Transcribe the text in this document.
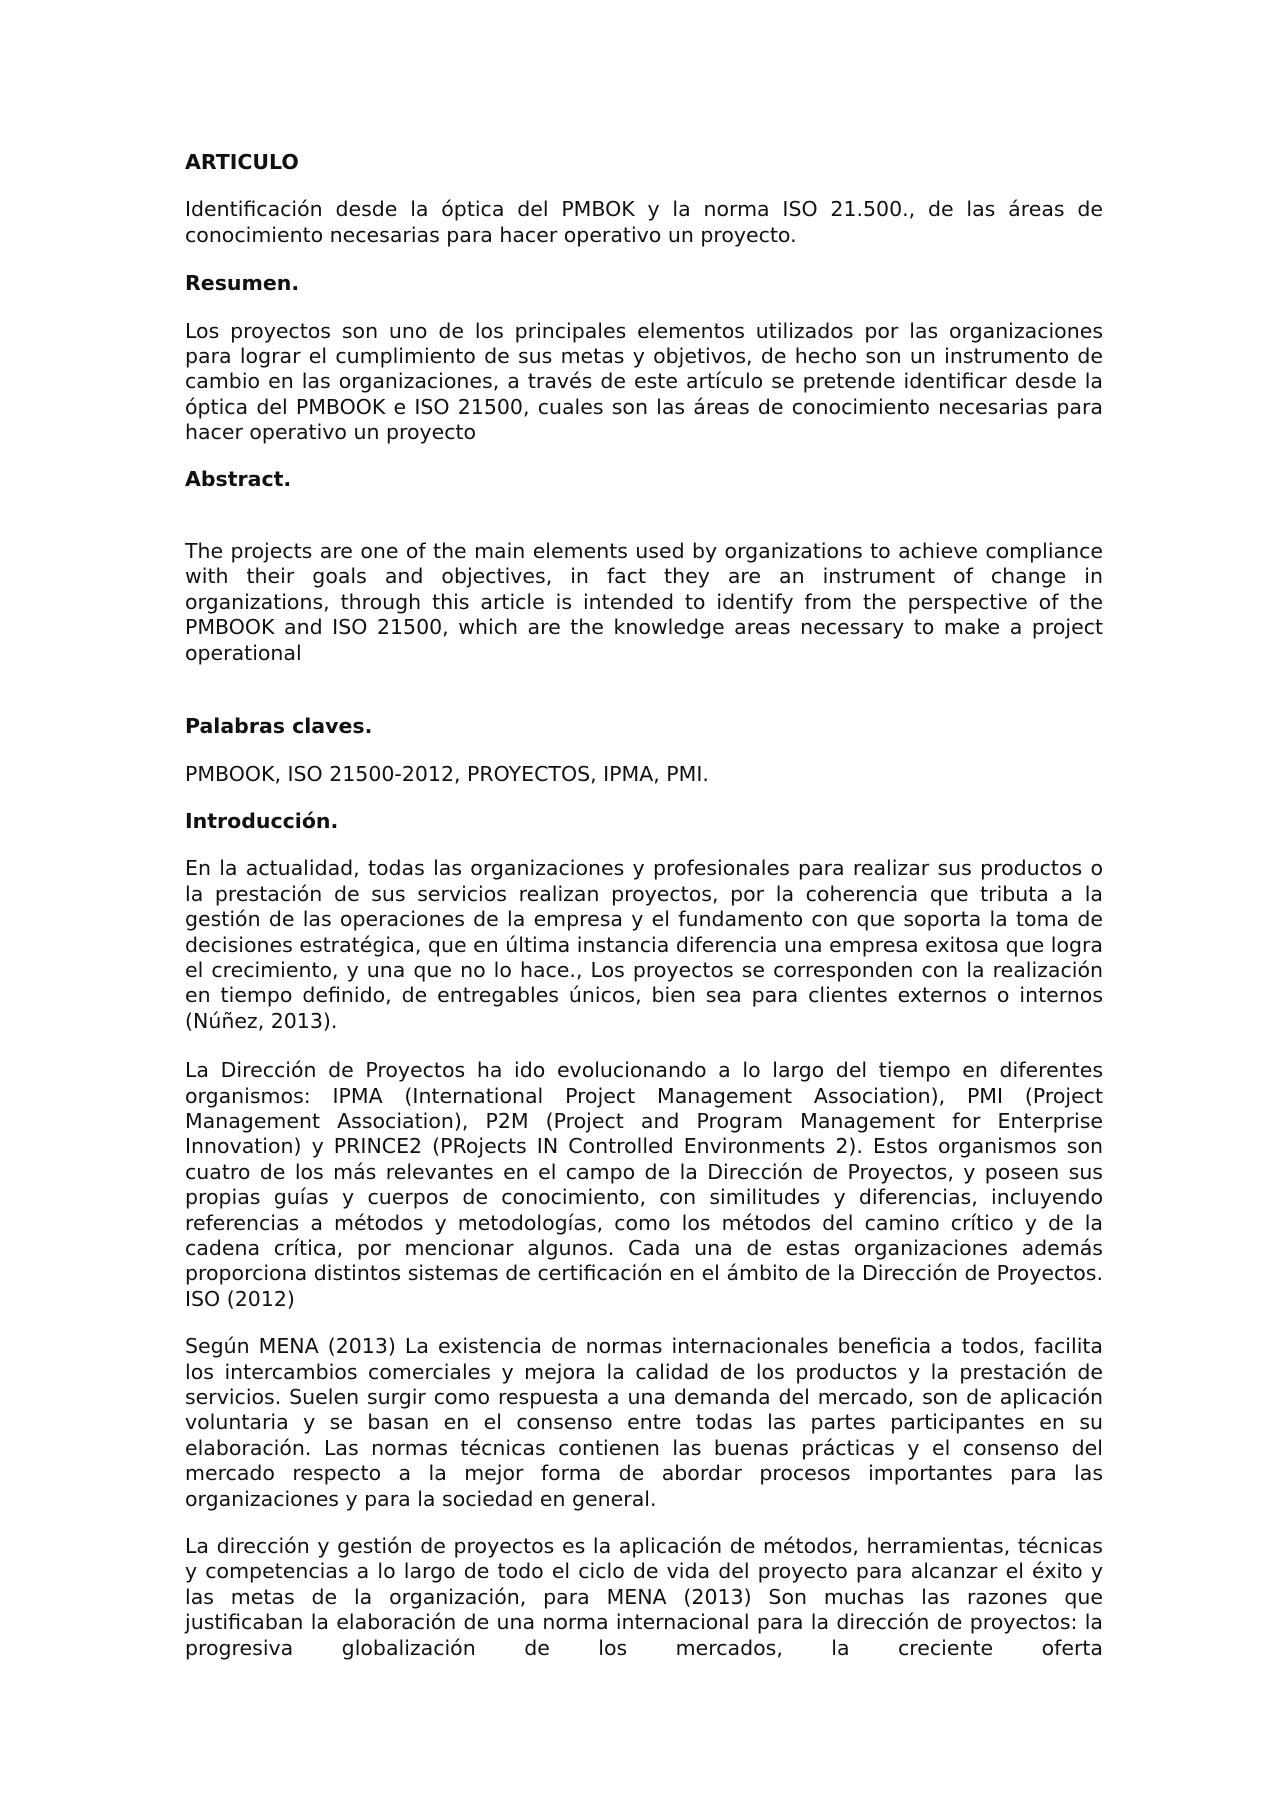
ARTICULO

Identificación desde la óptica del PMBOK y la norma ISO 21.500., de las áreas de conocimiento necesarias para hacer operativo un proyecto.

Resumen.

Los proyectos son uno de los principales elementos utilizados por las organizaciones para lograr el cumplimiento de sus metas y objetivos, de hecho son un instrumento de cambio en las organizaciones, a través de este artículo se pretende identificar desde la óptica del PMBOOK e ISO 21500, cuales son las áreas de conocimiento necesarias para hacer operativo un proyecto

Abstract.

The projects are one of the main elements used by organizations to achieve compliance with their goals and objectives, in fact they are an instrument of change in organizations, through this article is intended to identify from the perspective of the PMBOOK and ISO 21500, which are the knowledge areas necessary to make a project operational

Palabras claves.

PMBOOK, ISO 21500-2012, PROYECTOS, IPMA, PMI.

Introducción.

En la actualidad, todas las organizaciones y profesionales para realizar sus productos o la prestación de sus servicios realizan proyectos, por la coherencia que tributa a la gestión de las operaciones de la empresa y el fundamento con que soporta la toma de decisiones estratégica, que en última instancia diferencia una empresa exitosa que logra el crecimiento, y una que no lo hace., Los proyectos se corresponden con la realización en tiempo definido, de entregables únicos, bien sea para clientes externos o internos (Núñez, 2013).

La Dirección de Proyectos ha ido evolucionando a lo largo del tiempo en diferentes organismos: IPMA (International Project Management Association), PMI (Project Management Association), P2M (Project and Program Management for Enterprise Innovation) y PRINCE2 (PRojects IN Controlled Environments 2). Estos organismos son cuatro de los más relevantes en el campo de la Dirección de Proyectos, y poseen sus propias guías y cuerpos de conocimiento, con similitudes y diferencias, incluyendo referencias a métodos y metodologías, como los métodos del camino crítico y de la cadena crítica, por mencionar algunos. Cada una de estas organizaciones además proporciona distintos sistemas de certificación en el ámbito de la Dirección de Proyectos. ISO (2012)

Según MENA (2013) La existencia de normas internacionales beneficia a todos, facilita los intercambios comerciales y mejora la calidad de los productos y la prestación de servicios. Suelen surgir como respuesta a una demanda del mercado, son de aplicación voluntaria y se basan en el consenso entre todas las partes participantes en su elaboración. Las normas técnicas contienen las buenas prácticas y el consenso del mercado respecto a la mejor forma de abordar procesos importantes para las organizaciones y para la sociedad en general.

La dirección y gestión de proyectos es la aplicación de métodos, herramientas, técnicas y competencias a lo largo de todo el ciclo de vida del proyecto para alcanzar el éxito y las metas de la organización, para MENA (2013) Son muchas las razones que justificaban la elaboración de una norma internacional para la dirección de proyectos: la progresiva globalización de los mercados, la creciente oferta
